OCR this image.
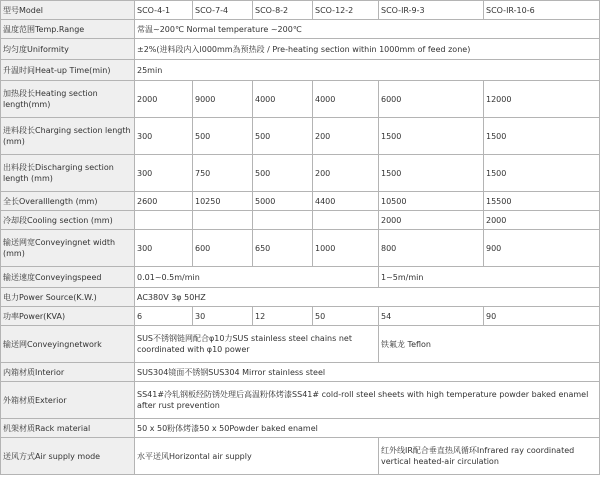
型号Model	SCO-4-1	SCO-7-4	SCO-8-2	SCO-12-2	SCO-IR-9-3	SCO-IR-10-6
温度范围Temp.Range	常温~200℃ Normal temperature ~200℃					
均匀度Uniformity	±2%(进料段内入l000mm為预热段 / Pre-heating section within 1000mm of feed zone)					
升温时间Heat-up Time(min)	25min					
加热段长Heating section length(mm)	2000	9000	4000	4000	6000	12000
进料段长Charging section length (mm)	300	500	500	200	1500	1500
出料段长Discharging section length (mm)	300	750	500	200	1500	1500
全长Overalllength (mm)	2600	10250	5000	4400	10500	15500
冷却段Cooling section (mm)					2000	2000
输送网宽Conveyingnet width (mm)	300	600	650	1000	800	900
输送速度Conveyingspeed	0.01~0.5m/min				1~5m/min	
电力Power Source(K.W.)	AC380V 3φ 50HZ					
功率Power(KVA)	6	30	12	50	54	90
输送网Conveyingnetwork	SUS不锈钢链网配合φ10力SUS stainless steel chains net coordinated with φ10 power				铁氟龙 Teflon	
内箱材质Interior	SUS304镜面不锈钢SUS304 Mirror stainless steel					
外箱材质Exterior	SS41#冷轧钢板经防锈处理后高温粉体烤漆SS41# cold-roll steel sheets with high temperature powder baked enamel after rust prevention					
机架材质Rack material	50 x 50粉体烤漆50 x 50Powder baked enamel					
送风方式Air supply mode	水平送风Horizontal air supply				红外线IR配合垂直热风循环Infrared ray coordinated vertical heated-air circulation	
